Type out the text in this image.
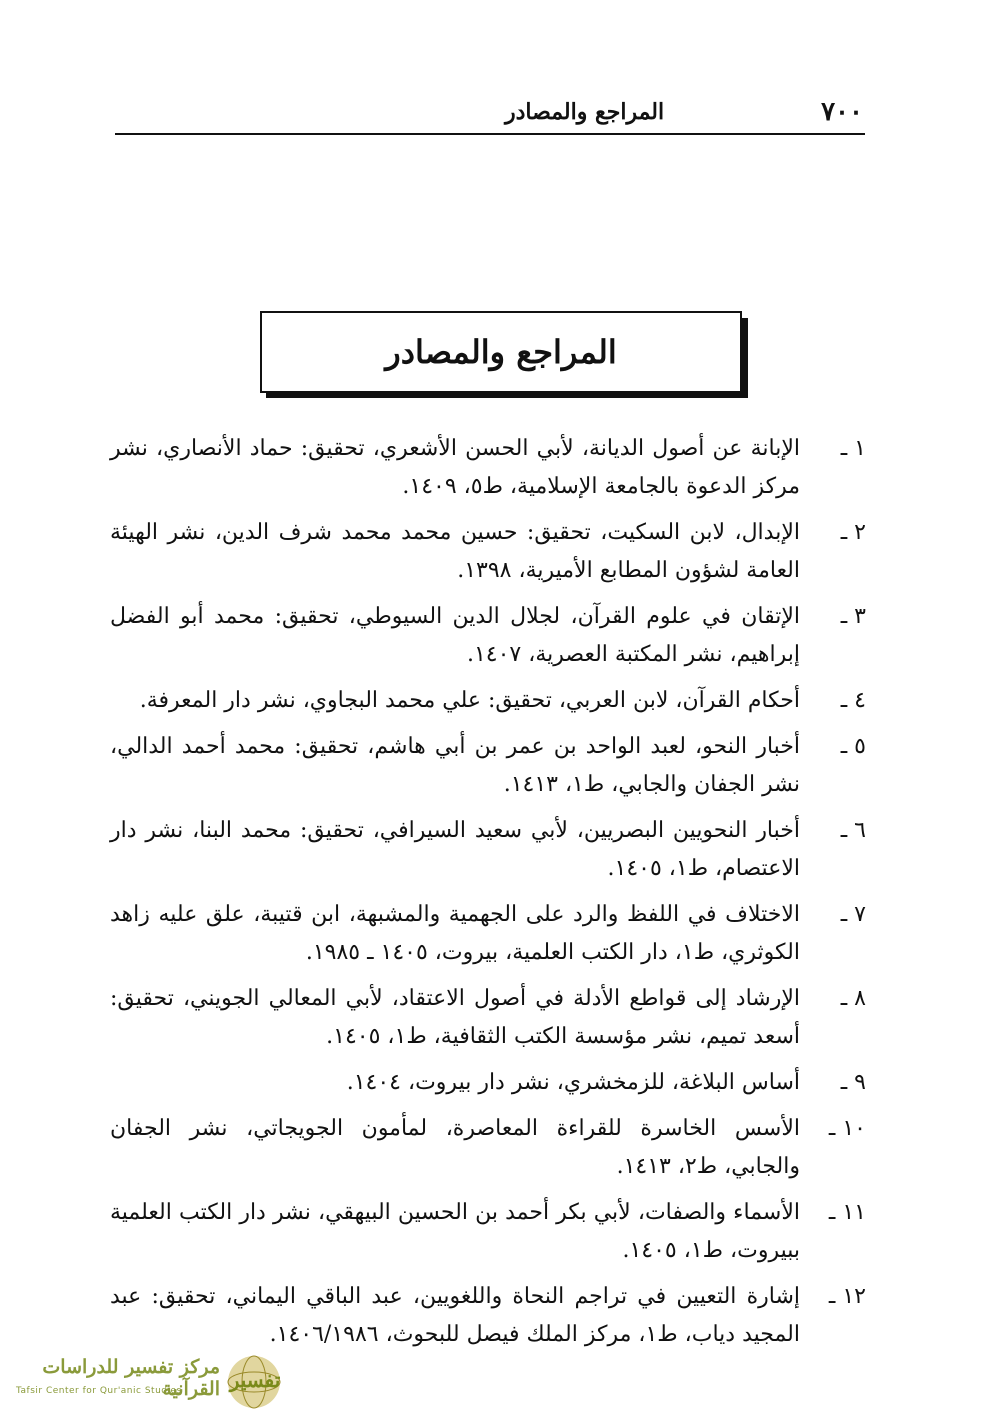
٧٠٠
المراجع والمصادر
المراجع والمصادر
١ ـ
الإبانة عن أصول الديانة، لأبي الحسن الأشعري، تحقيق: حماد الأنصاري، نشر مركز الدعوة بالجامعة الإسلامية، ط٥، ١٤٠٩.
٢ ـ
الإبدال، لابن السكيت، تحقيق: حسين محمد محمد شرف الدين، نشر الهيئة العامة لشؤون المطابع الأميرية، ١٣٩٨.
٣ ـ
الإتقان في علوم القرآن، لجلال الدين السيوطي، تحقيق: محمد أبو الفضل إبراهيم، نشر المكتبة العصرية، ١٤٠٧.
٤ ـ
أحكام القرآن، لابن العربي، تحقيق: علي محمد البجاوي، نشر دار المعرفة.
٥ ـ
أخبار النحو، لعبد الواحد بن عمر بن أبي هاشم، تحقيق: محمد أحمد الدالي، نشر الجفان والجابي، ط١، ١٤١٣.
٦ ـ
أخبار النحويين البصريين، لأبي سعيد السيرافي، تحقيق: محمد البنا، نشر دار الاعتصام، ط١، ١٤٠٥.
٧ ـ
الاختلاف في اللفظ والرد على الجهمية والمشبهة، ابن قتيبة، علق عليه زاهد الكوثري، ط١، دار الكتب العلمية، بيروت، ١٤٠٥ ـ ١٩٨٥.
٨ ـ
الإرشاد إلى قواطع الأدلة في أصول الاعتقاد، لأبي المعالي الجويني، تحقيق: أسعد تميم، نشر مؤسسة الكتب الثقافية، ط١، ١٤٠٥.
٩ ـ
أساس البلاغة، للزمخشري، نشر دار بيروت، ١٤٠٤.
١٠ ـ
الأسس الخاسرة للقراءة المعاصرة، لمأمون الجويجاتي، نشر الجفان والجابي، ط٢، ١٤١٣.
١١ ـ
الأسماء والصفات، لأبي بكر أحمد بن الحسين البيهقي، نشر دار الكتب العلمية ببيروت، ط١، ١٤٠٥.
١٢ ـ
إشارة التعيين في تراجم النحاة واللغويين، عبد الباقي اليماني، تحقيق: عبد المجيد دياب، ط١، مركز الملك فيصل للبحوث، ١٤٠٦/١٩٨٦.
مركز تفسير للدراسات القرآنية
Tafsir Center for Qur'anic Studies	تفسير
